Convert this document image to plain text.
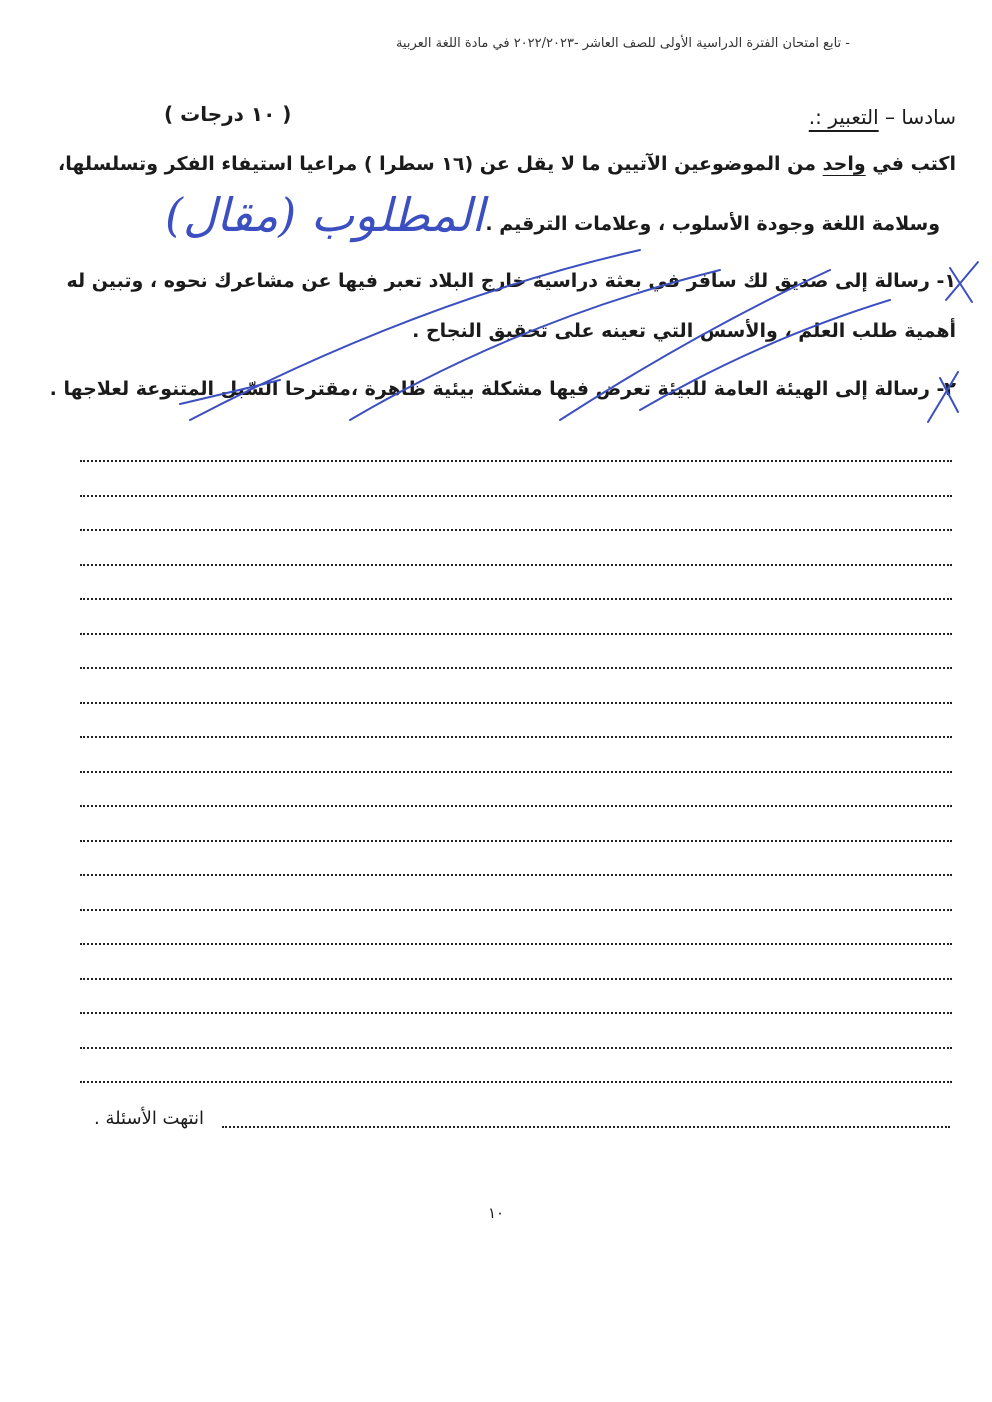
- تابع امتحان الفترة الدراسية الأولى للصف العاشر -٢٠٢٢/٢٠٢٣ في مادة اللغة العربية
سادسا – التعبير :.
( ١٠ درجات )
اكتب في واحد من الموضوعين الآتيين ما لا يقل عن (١٦ سطرا ) مراعيا استيفاء الفكر وتسلسلها،
وسلامة اللغة وجودة الأسلوب ، وعلامات الترقيم .
المطلوب (مقال)
١- رسالة إلى صديق لك سافر في بعثة دراسية خارج البلاد تعبر فيها عن مشاعرك نحوه ، وتبين له
أهمية طلب العلم ، والأسس التي تعينه على تحقيق النجاح .
٢- رسالة إلى الهيئة العامة للبيئة تعرض فيها مشكلة بيئية ظاهرة ،مقترحا السّبل المتنوعة لعلاجها .
انتهت الأسئلة .
١٠
